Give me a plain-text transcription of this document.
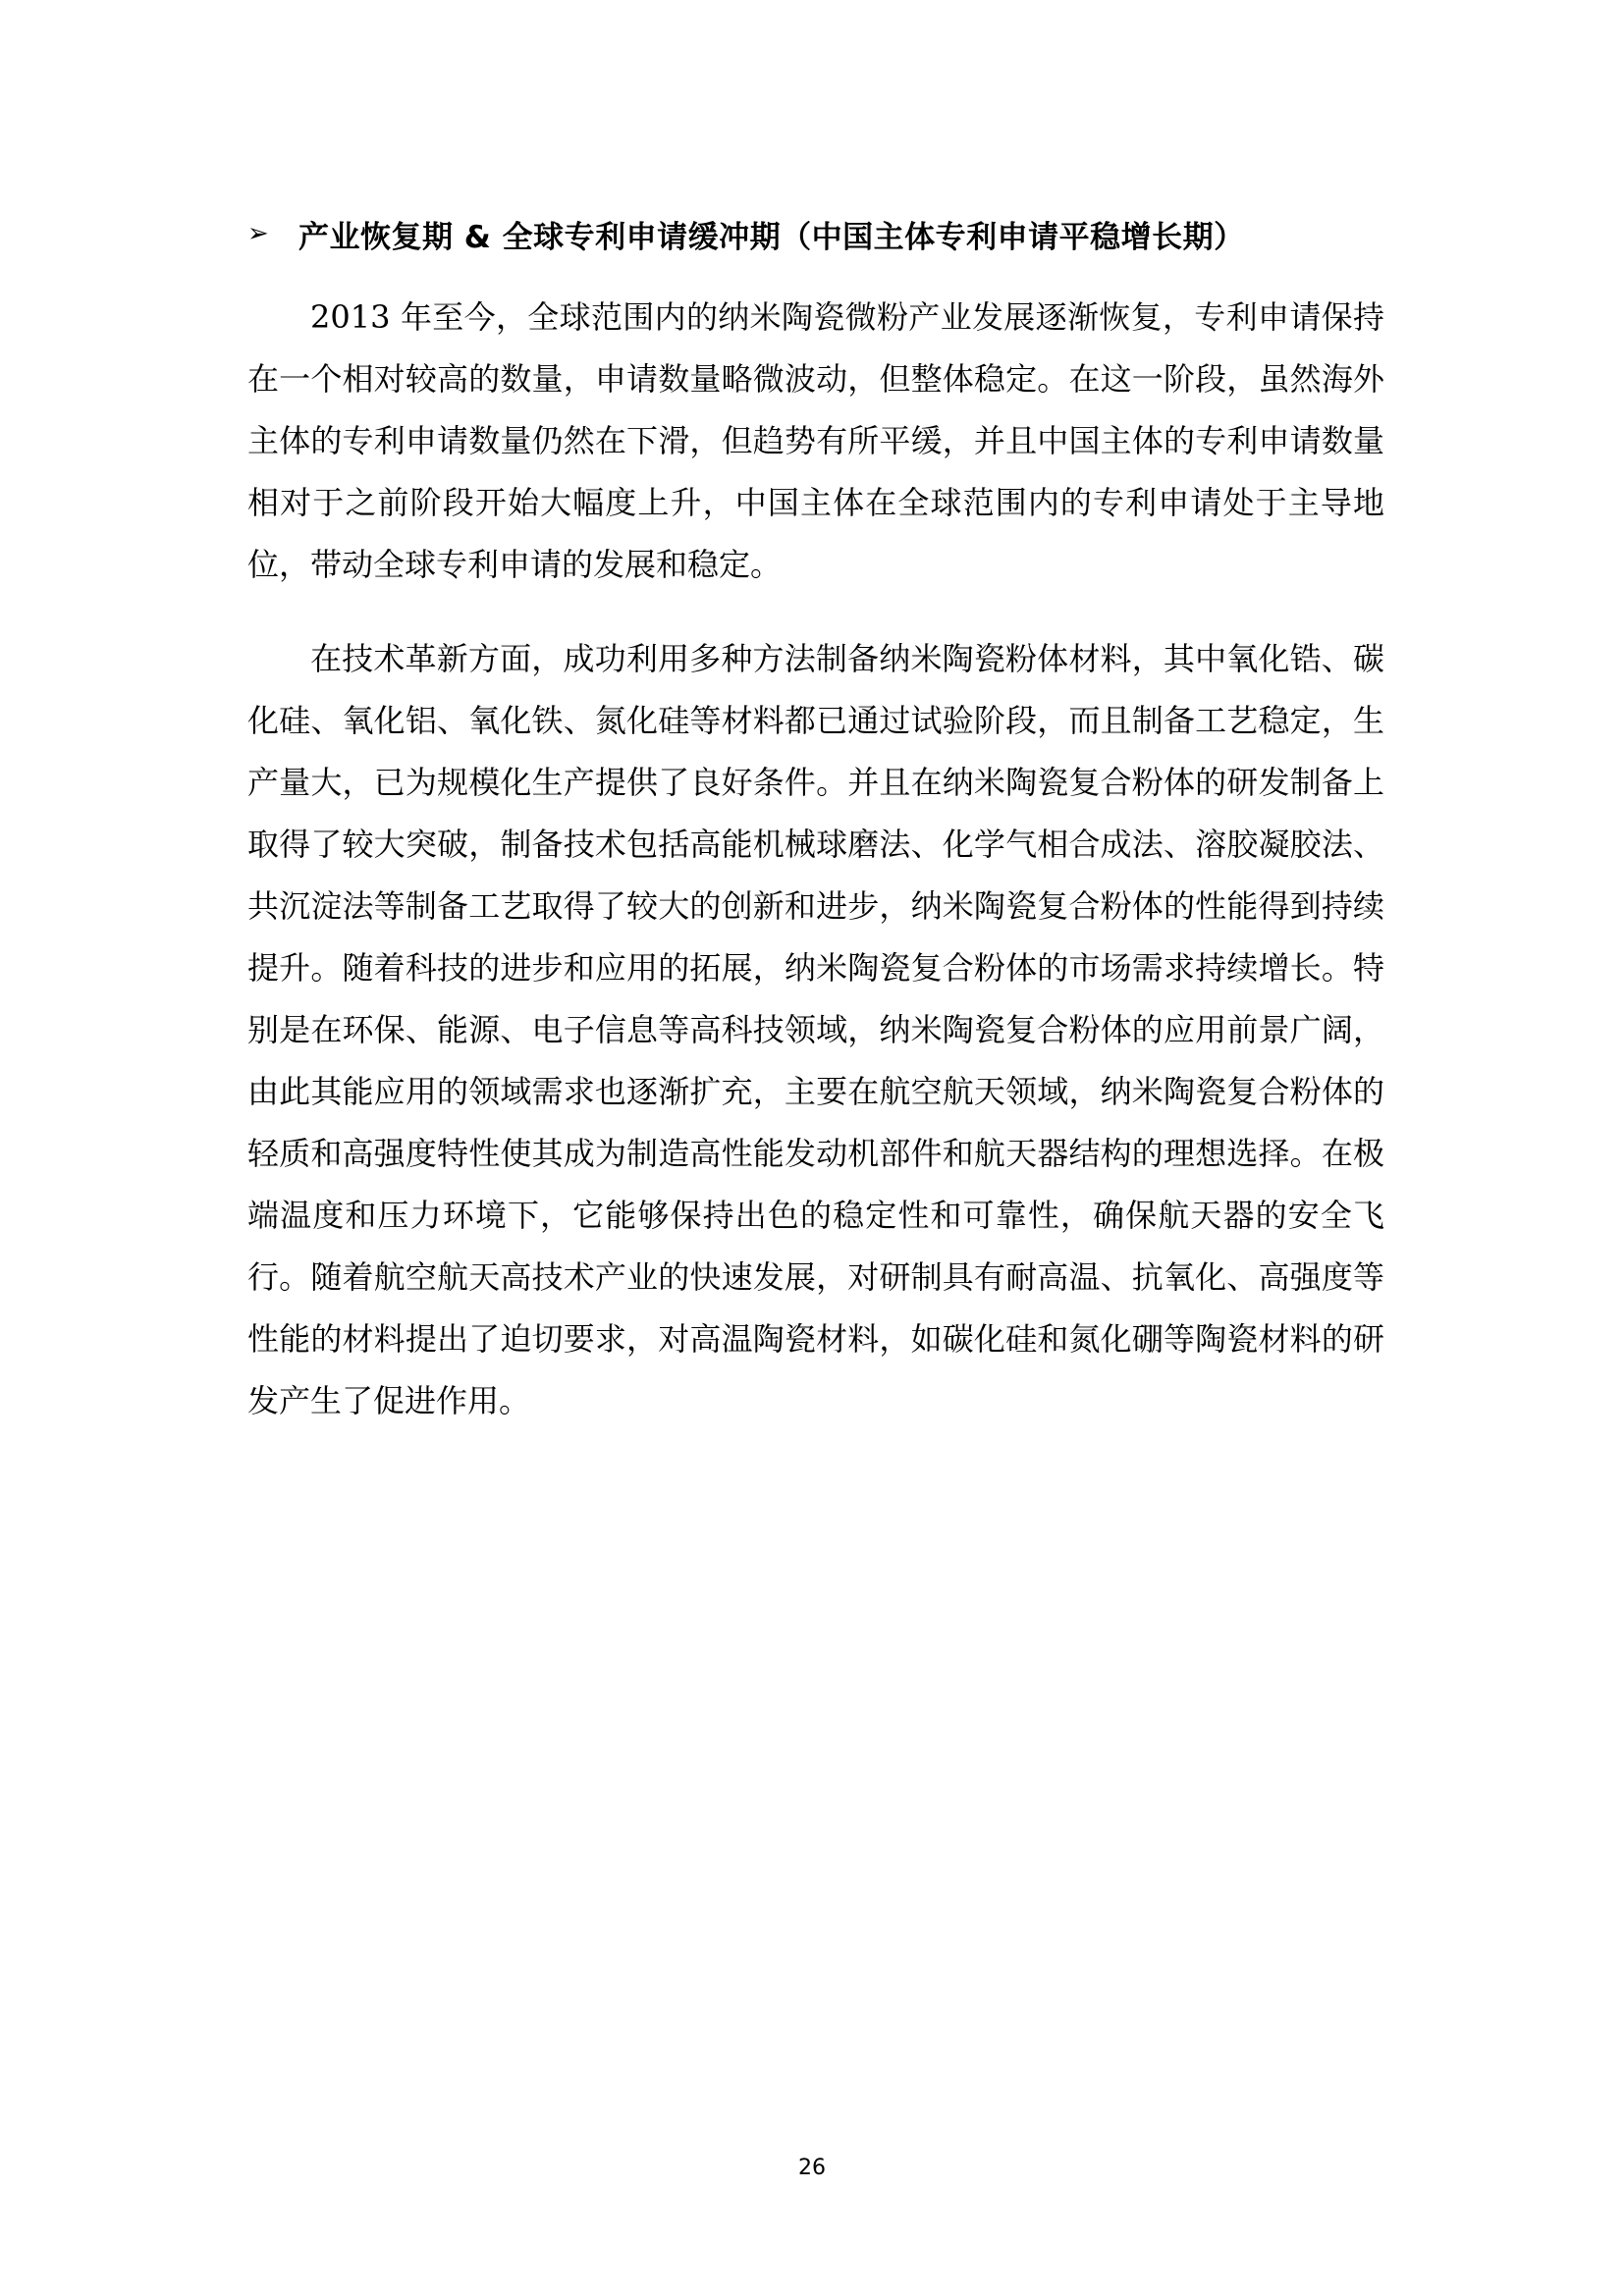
➢ 产业恢复期 & 全球专利申请缓冲期（中国主体专利申请平稳增长期）

2013 年至今，全球范围内的纳米陶瓷微粉产业发展逐渐恢复，专利申请保持在一个相对较高的数量，申请数量略微波动，但整体稳定。在这一阶段，虽然海外主体的专利申请数量仍然在下滑，但趋势有所平缓，并且中国主体的专利申请数量相对于之前阶段开始大幅度上升，中国主体在全球范围内的专利申请处于主导地位，带动全球专利申请的发展和稳定。

在技术革新方面，成功利用多种方法制备纳米陶瓷粉体材料，其中氧化锆、碳化硅、氧化铝、氧化铁、氮化硅等材料都已通过试验阶段，而且制备工艺稳定，生产量大，已为规模化生产提供了良好条件。并且在纳米陶瓷复合粉体的研发制备上取得了较大突破，制备技术包括高能机械球磨法、化学气相合成法、溶胶凝胶法、共沉淀法等制备工艺取得了较大的创新和进步，纳米陶瓷复合粉体的性能得到持续提升。随着科技的进步和应用的拓展，纳米陶瓷复合粉体的市场需求持续增长。特别是在环保、能源、电子信息等高科技领域，纳米陶瓷复合粉体的应用前景广阔，由此其能应用的领域需求也逐渐扩充，主要在航空航天领域，纳米陶瓷复合粉体的轻质和高强度特性使其成为制造高性能发动机部件和航天器结构的理想选择。在极端温度和压力环境下，它能够保持出色的稳定性和可靠性，确保航天器的安全飞行。随着航空航天高技术产业的快速发展，对研制具有耐高温、抗氧化、高强度等性能的材料提出了迫切要求，对高温陶瓷材料，如碳化硅和氮化硼等陶瓷材料的研发产生了促进作用。

26
